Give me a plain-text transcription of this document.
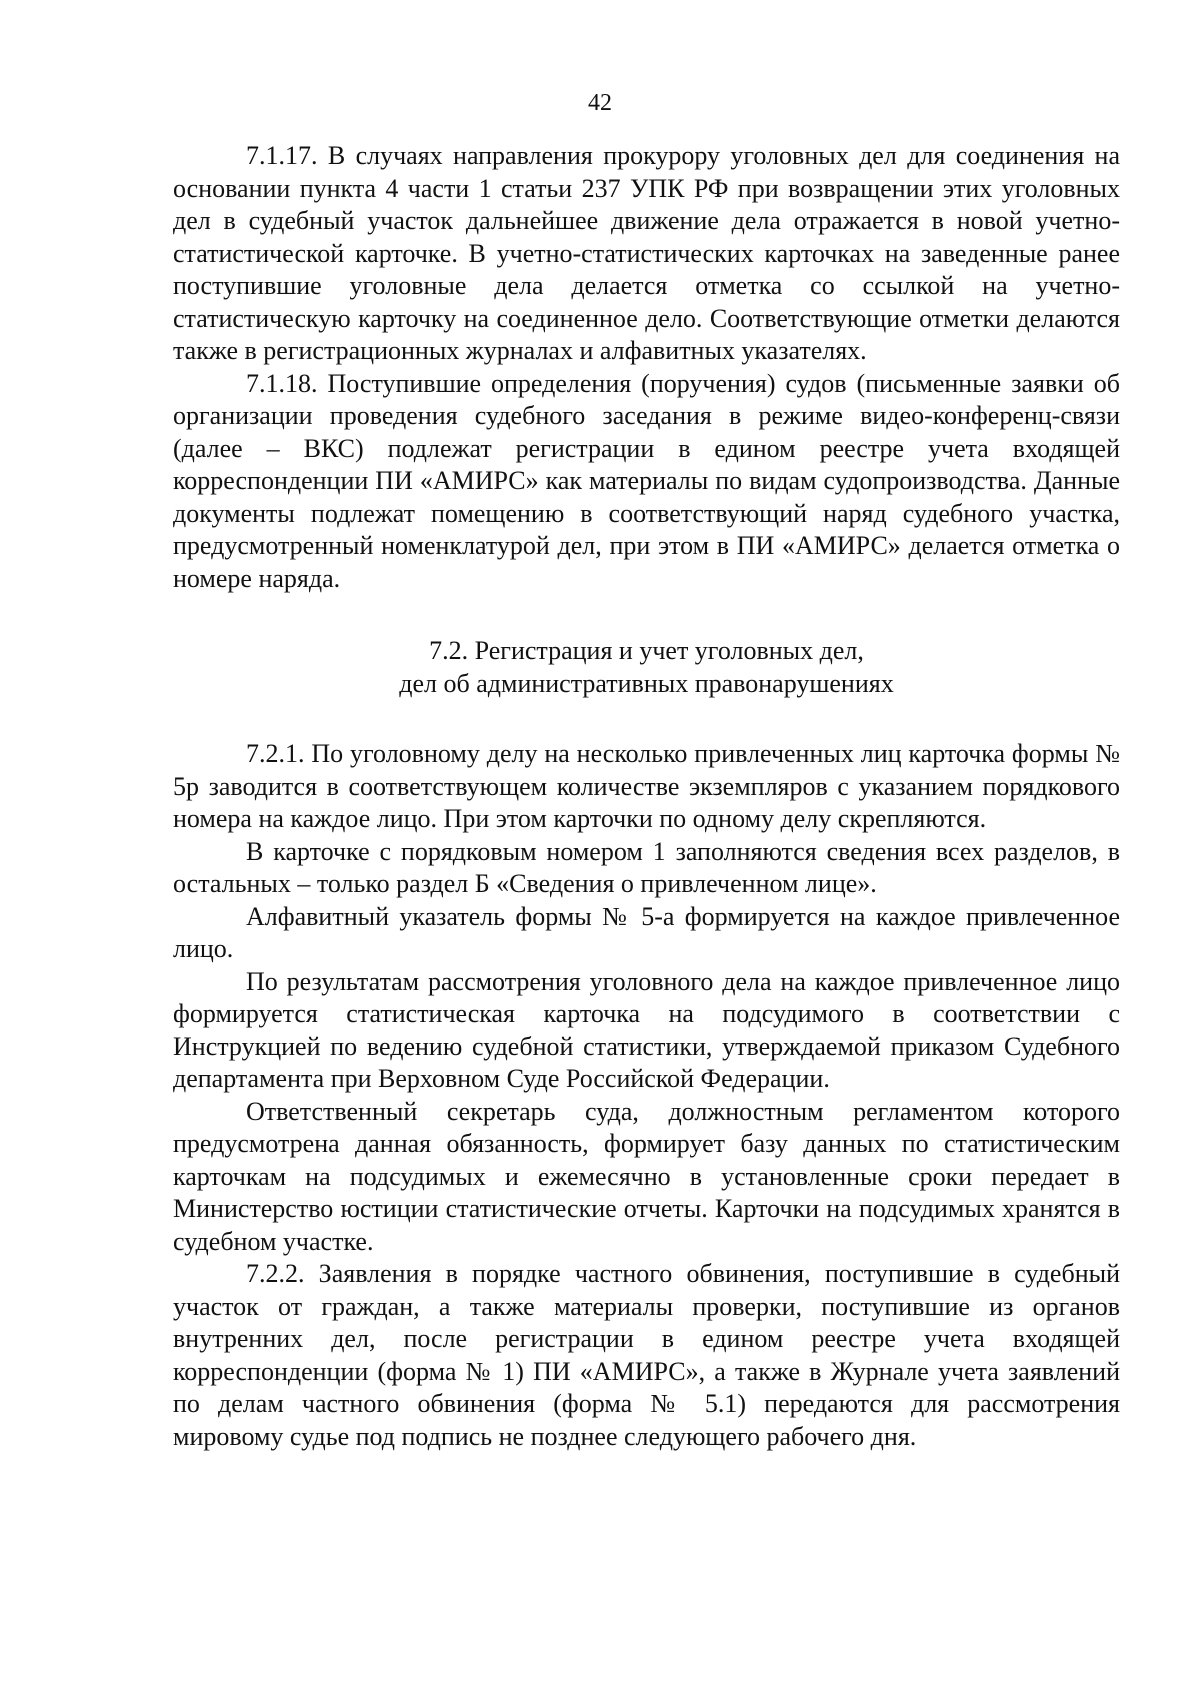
42

7.1.17. В случаях направления прокурору уголовных дел для соединения на основании пункта 4 части 1 статьи 237 УПК РФ при возвращении этих уголовных дел в судебный участок дальнейшее движение дела отражается в новой учетно-статистической карточке. В учетно-статистических карточках на заведенные ранее поступившие уголовные дела делается отметка со ссылкой на учетно-статистическую карточку на соединенное дело. Соответствующие отметки делаются также в регистрационных журналах и алфавитных указателях.

7.1.18. Поступившие определения (поручения) судов (письменные заявки об организации проведения судебного заседания в режиме видео-конференц-связи (далее – ВКС) подлежат регистрации в едином реестре учета входящей корреспонденции ПИ «АМИРС» как материалы по видам судопроизводства. Данные документы подлежат помещению в соответствующий наряд судебного участка, предусмотренный номенклатурой дел, при этом в ПИ «АМИРС» делается отметка о номере наряда.

7.2. Регистрация и учет уголовных дел,
дел об административных правонарушениях

7.2.1. По уголовному делу на несколько привлеченных лиц карточка формы № 5р заводится в соответствующем количестве экземпляров с указанием порядкового номера на каждое лицо. При этом карточки по одному делу скрепляются.

В карточке с порядковым номером 1 заполняются сведения всех разделов, в остальных – только раздел Б «Сведения о привлеченном лице».

Алфавитный указатель формы № 5-а формируется на каждое привлеченное лицо.

По результатам рассмотрения уголовного дела на каждое привлеченное лицо формируется статистическая карточка на подсудимого в соответствии с Инструкцией по ведению судебной статистики, утверждаемой приказом Судебного департамента при Верховном Суде Российской Федерации.

Ответственный секретарь суда, должностным регламентом которого предусмотрена данная обязанность, формирует базу данных по статистическим карточкам на подсудимых и ежемесячно в установленные сроки передает в Министерство юстиции статистические отчеты. Карточки на подсудимых хранятся в судебном участке.

7.2.2. Заявления в порядке частного обвинения, поступившие в судебный участок от граждан, а также материалы проверки, поступившие из органов внутренних дел, после регистрации в едином реестре учета входящей корреспонденции (форма № 1) ПИ «АМИРС», а также в Журнале учета заявлений по делам частного обвинения (форма № 5.1) передаются для рассмотрения мировому судье под подпись не позднее следующего рабочего дня.
